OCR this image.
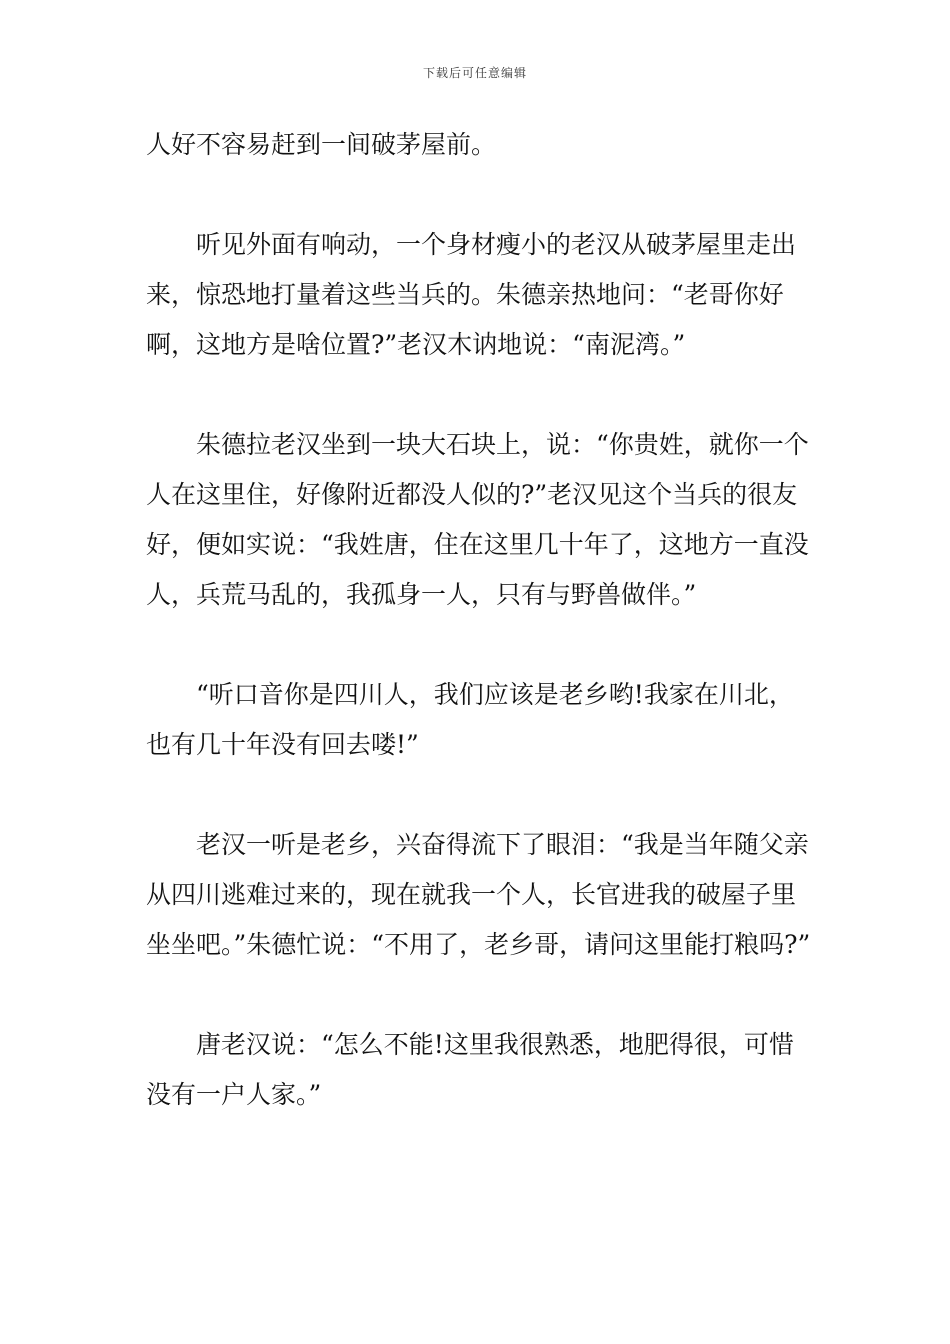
下载后可任意编辑

人好不容易赶到一间破茅屋前。

听见外面有响动，一个身材瘦小的老汉从破茅屋里走出来，惊恐地打量着这些当兵的。朱德亲热地问：“老哥你好啊，这地方是啥位置?”老汉木讷地说：“南泥湾。”

朱德拉老汉坐到一块大石块上，说：“你贵姓，就你一个人在这里住，好像附近都没人似的?”老汉见这个当兵的很友好，便如实说：“我姓唐，住在这里几十年了，这地方一直没人，兵荒马乱的，我孤身一人，只有与野兽做伴。”

“听口音你是四川人，我们应该是老乡哟!我家在川北，也有几十年没有回去喽!”

老汉一听是老乡，兴奋得流下了眼泪：“我是当年随父亲从四川逃难过来的，现在就我一个人，长官进我的破屋子里坐坐吧。”朱德忙说：“不用了，老乡哥，请问这里能打粮吗?”

唐老汉说：“怎么不能!这里我很熟悉，地肥得很，可惜没有一户人家。”
